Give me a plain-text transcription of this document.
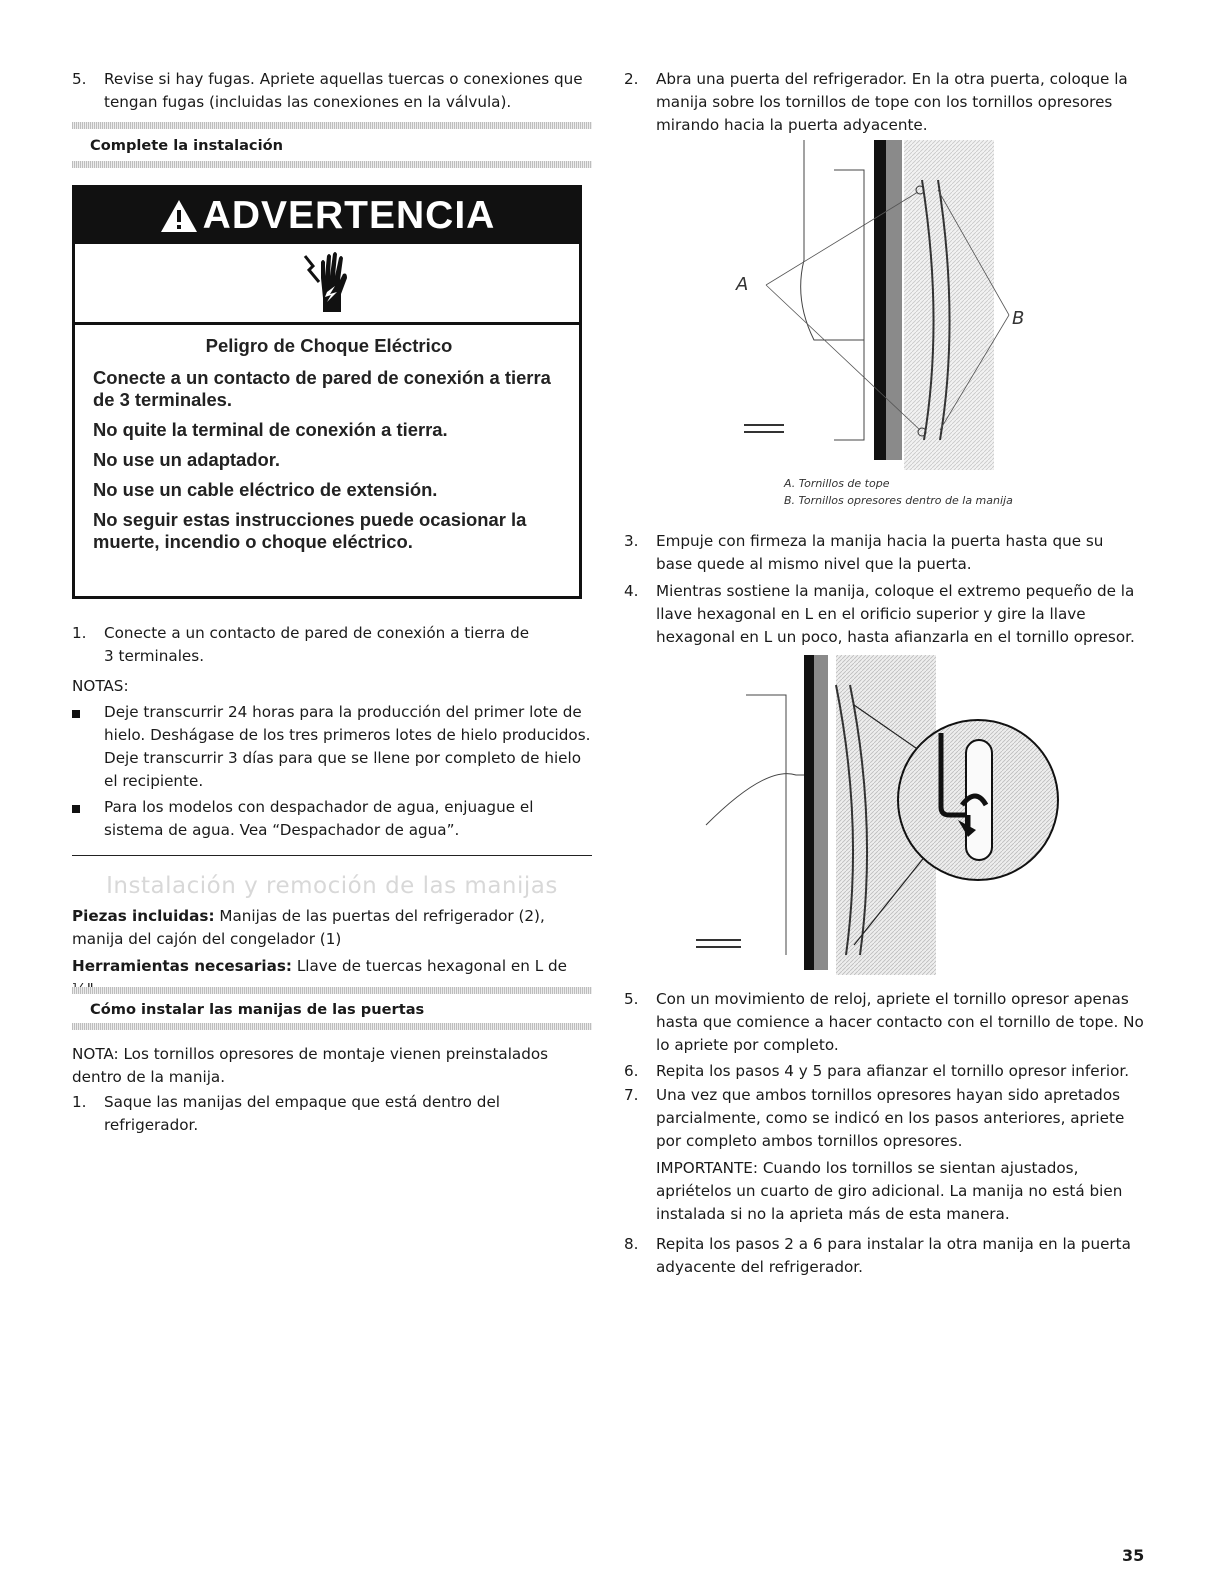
5.	Revise si hay fugas. Apriete aquellas tuercas o conexiones que tengan fugas (incluidas las conexiones en la válvula).
Complete la instalación
ADVERTENCIA
Peligro de Choque Eléctrico
Conecte a un contacto de pared de conexión a tierra de 3 terminales.
No quite la terminal de conexión a tierra.
No use un adaptador.
No use un cable eléctrico de extensión.
No seguir estas instrucciones puede ocasionar la muerte, incendio o choque eléctrico.
1.	Conecte a un contacto de pared de conexión a tierra de 3 terminales.
NOTAS:
Deje transcurrir 24 horas para la producción del primer lote de hielo. Deshágase de los tres primeros lotes de hielo producidos. Deje transcurrir 3 días para que se llene por completo de hielo el recipiente.
Para los modelos con despachador de agua, enjuague el sistema de agua. Vea “Despachador de agua”.
Instalación y remoción de las manijas
Piezas incluidas: Manijas de las puertas del refrigerador (2), manija del cajón del congelador (1)
Herramientas necesarias: Llave de tuercas hexagonal en L de
Cómo instalar las manijas de las puertas
NOTA: Los tornillos opresores de montaje vienen preinstalados dentro de la manija.
1.	Saque las manijas del empaque que está dentro del refrigerador.
2.	Abra una puerta del refrigerador. En la otra puerta, coloque la manija sobre los tornillos de tope con los tornillos opresores mirando hacia la puerta adyacente.
A
B
A. Tornillos de tope
B. Tornillos opresores dentro de la manija
3.	Empuje con firmeza la manija hacia la puerta hasta que su base quede al mismo nivel que la puerta.
4.	Mientras sostiene la manija, coloque el extremo pequeño de la llave hexagonal en L en el orificio superior y gire la llave hexagonal en L un poco, hasta afianzarla en el tornillo opresor.
5.	Con un movimiento de reloj, apriete el tornillo opresor apenas hasta que comience a hacer contacto con el tornillo de tope. No lo apriete por completo.
6.	Repita los pasos 4 y 5 para afianzar el tornillo opresor inferior.
7.	Una vez que ambos tornillos opresores hayan sido apretados parcialmente, como se indicó en los pasos anteriores, apriete por completo ambos tornillos opresores.
IMPORTANTE: Cuando los tornillos se sientan ajustados, apriételos un cuarto de giro adicional. La manija no está bien instalada si no la aprieta más de esta manera.
8.	Repita los pasos 2 a 6 para instalar la otra manija en la puerta adyacente del refrigerador.
35
